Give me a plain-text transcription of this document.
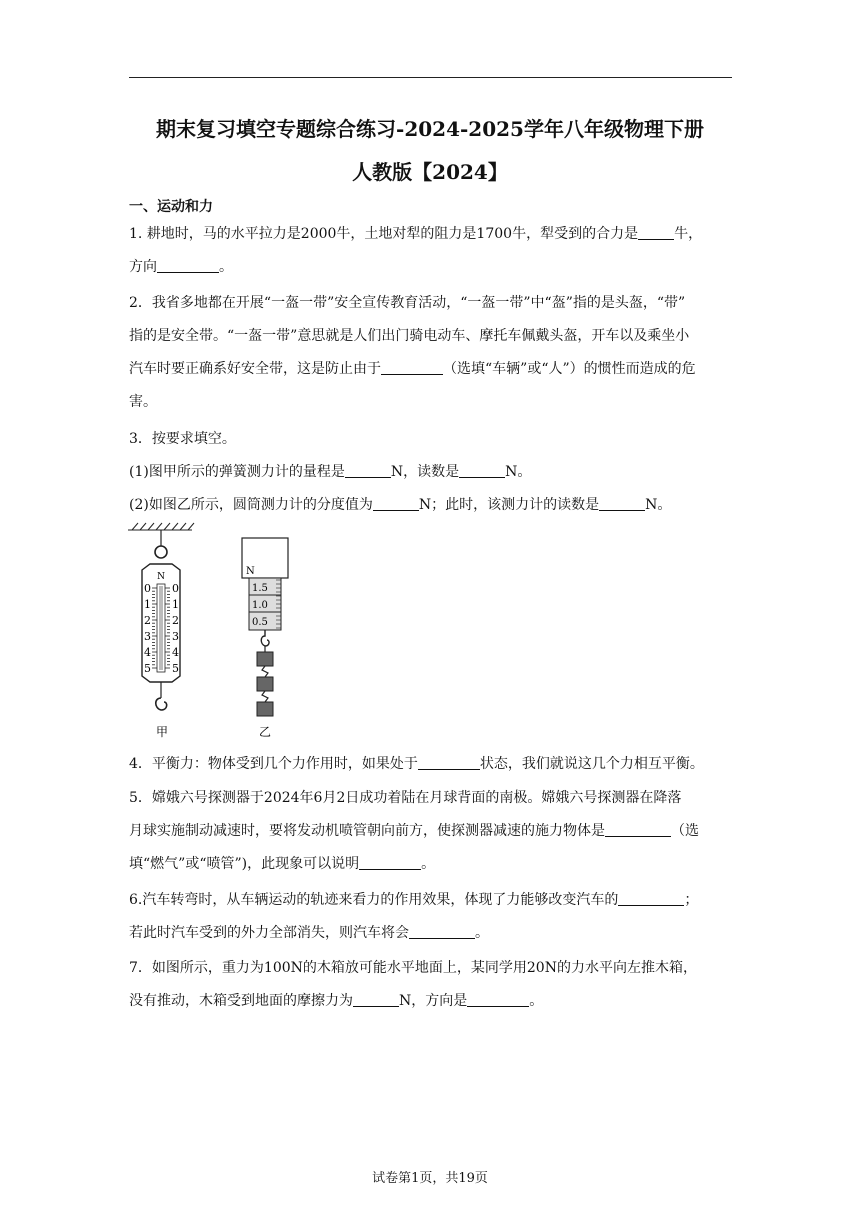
期末复习填空专题综合练习-2024-2025学年八年级物理下册
人教版【2024】
一、运动和力
1. 耕地时，马的水平拉力是2000牛，土地对犁的阻力是1700牛，犁受到的合力是	牛，
方向	。
2．我省多地都在开展“一盔一带”安全宣传教育活动，“一盔一带”中“盔”指的是头盔，“带”
指的是安全带。“一盔一带”意思就是人们出门骑电动车、摩托车佩戴头盔，开车以及乘坐小
汽车时要正确系好安全带，这是防止由于	（选填“车辆”或“人”）的惯性而造成的危
害。
3．按要求填空。
(1)图甲所示的弹簧测力计的量程是	N，读数是	N。
(2)如图乙所示，圆筒测力计的分度值为	N；此时，该测力计的读数是	N。
N
0
1
2
3
4
5
0
1
2
3
4
5
甲
N
1.5
1.0
0.5
乙
4．平衡力：物体受到几个力作用时，如果处于	状态，我们就说这几个力相互平衡。
5．嫦娥六号探测器于2024年6月2日成功着陆在月球背面的南极。嫦娥六号探测器在降落
月球实施制动减速时，要将发动机喷管朝向前方，使探测器减速的施力物体是	（选
填“燃气”或“喷管”)，此现象可以说明	。
6.汽车转弯时，从车辆运动的轨迹来看力的作用效果，体现了力能够改变汽车的	；
若此时汽车受到的外力全部消失，则汽车将会	。
7．如图所示，重力为100N的木箱放可能水平地面上，某同学用20N的力水平向左推木箱，
没有推动，木箱受到地面的摩擦力为	N，方向是	。
试卷第1页，共19页
